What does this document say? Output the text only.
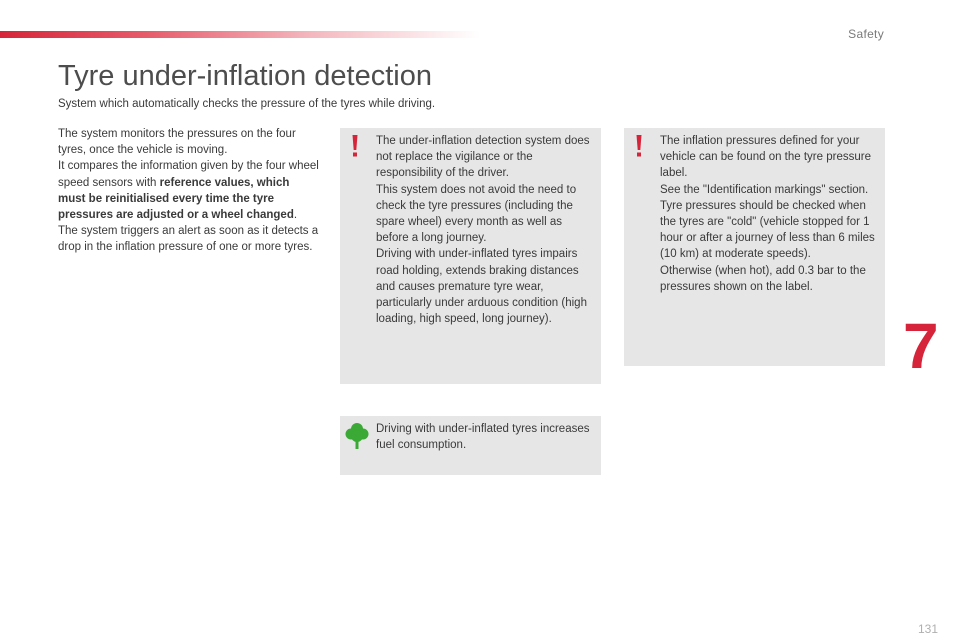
Safety
Tyre under-inflation detection

System which automatically checks the pressure of the tyres while driving.

The system monitors the pressures on the four tyres, once the vehicle is moving.

It compares the information given by the four wheel speed sensors with reference values, which must be reinitialised every time the tyre pressures are adjusted or a wheel changed.

The system triggers an alert as soon as it detects a drop in the inflation pressure of one or more tyres.

The under-inflation detection system does not replace the vigilance or the responsibility of the driver.

This system does not avoid the need to check the tyre pressures (including the spare wheel) every month as well as before a long journey.

Driving with under-inflated tyres impairs road holding, extends braking distances and causes premature tyre wear, particularly under arduous condition (high loading, high speed, long journey).

The inflation pressures defined for your vehicle can be found on the tyre pressure label.

See the "Identification markings" section.

Tyre pressures should be checked when the tyres are "cold" (vehicle stopped for 1 hour or after a journey of less than 6 miles (10 km) at moderate speeds).

Otherwise (when hot), add 0.3 bar to the pressures shown on the label.

Driving with under-inflated tyres increases fuel consumption.

7
131
